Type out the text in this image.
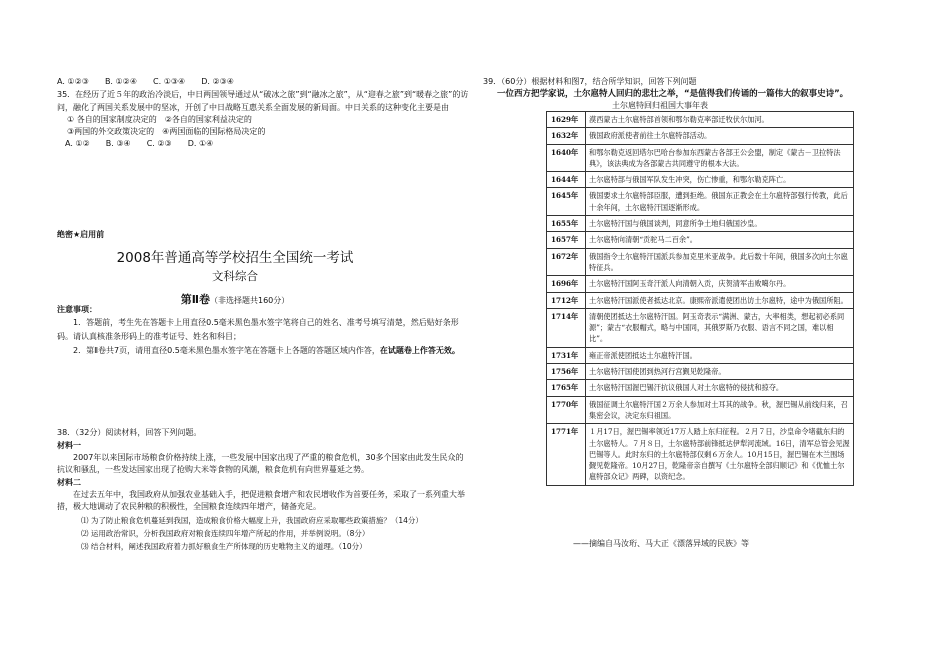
A. ①②③ B. ①②④ C. ①③④ D. ②③④
35．在经历了近５年的政治冷淡后，中日两国领导通过从“破冰之旅”到“融冰之旅”，从“迎春之旅”到“暖春之旅”的访问，融化了两国关系发展中的坚冰，开创了中日战略互惠关系全面发展的新局面。中日关系的这种变化主要是由
① 各自的国家制度决定的　②各自的国家利益决定的
③两国的外交政策决定的　④两国面临的国际格局决定的
A. ①② B. ③④ C. ②③ D. ①④
绝密★启用前
2008年普通高等学校招生全国统一考试
文科综合
第Ⅱ卷（非选择题共160分）
注意事项：

1．答题前，考生先在答题卡上用直径0.5毫米黑色墨水签字笔将自己的姓名、准考号填写清楚，然后贴好条形码。请认真核准条形码上的准考证号、姓名和科目；

2．第Ⅱ卷共7页，请用直径0.5毫米黑色墨水签字笔在答题卡上各题的答题区域内作答，在试题卷上作答无效。

38．（32分）阅读材料，回答下列问题。
材料一
2007年以来国际市场粮食价格持续上涨，一些发展中国家出现了严重的粮食危机，30多个国家由此发生民众的抗议和骚乱，一些发达国家出现了抢购大米等食物的风潮，粮食危机有向世界蔓延之势。
材料二
在过去五年中，我国政府从加强农业基础入手，把促进粮食增产和农民增收作为首要任务，采取了一系列重大举措，极大地调动了农民种粮的积极性，全国粮食连续四年增产，储备充足。
⑴ 为了防止粮食危机蔓延到我国，造成粮食价格大幅度上升，我国政府应采取哪些政策措施？（14分）
⑵ 运用政治常识，分析我国政府对粮食连续四年增产所起的作用，并举例说明。（8分）
⑶ 结合材料，阐述我国政府着力抓好粮食生产所体现的历史唯物主义的道理。（10分）
39．（60分）根据材料和图7，结合所学知识，回答下列问题
一位西方把学家说，土尔扈特人回归的悲壮之举，“是值得我们传诵的一篇伟大的叙事史诗”。
土尔扈特回归祖国大事年表
1629年	漠西蒙古土尔扈特部首领和鄂尔勒克率部迁牧伏尔加河。
1632年	俄国政府派使者前往土尔扈特部活动。
1640年	和鄂尔勒克返回塔尔巴哈台参加东西蒙古各部王公会盟，制定《蒙古－卫拉特法典》，该法典成为各部蒙古共同遵守的根本大法。
1644年	土尔扈特部与俄国军队发生冲突，伤亡惨重，和鄂尔勒克阵亡。
1645年	俄国要求土尔扈特部臣服，遭到拒绝。俄国东正教会在土尔扈特部强行传教，此后十余年间，土尔扈特汗国逐渐形成。
1655年	土尔扈特汗国与俄国谈判，同意所争土地归俄国沙皇。
1657年	土尔扈特向清朝“贡驼马二百余”。
1672年	俄国指令土尔扈特汗国派兵参加克里米亚战争。此后数十年间，俄国多次向土尔扈特征兵。
1696年	土尔扈特汗国阿玉奇汗派人向清朝入贡，庆贺清军击败噶尔丹。
1712年	土尔扈特汗国派使者抵达北京。康熙帝派遣使团出访土尔扈特，途中为俄国所阻。
1714年	清朝使团抵达土尔扈特汗国。阿玉奇表示“满洲、蒙古，大率相类，想起初必系同源”；蒙古“衣服帽式，略与中国同，其俄罗斯乃衣服、语言不同之国，难以相比”。
1731年	雍正帝派使团抵达土尔扈特汗国。
1756年	土尔扈特汗国使团到热河行宫觐见乾隆帝。
1765年	土尔扈特汗国渥巴锡汗抗议俄国人对土尔扈特的侵扰和掠夺。
1770年	俄国征调土尔扈特汗国２万余人参加对土耳其的战争。秋，渥巴锡从前线归来，召集密会议，决定东归祖国。
1771年	１月17日，渥巴锡率领近17万人踏上东归征程。２月７日，沙皇命令堵截东归的土尔扈特人。７月８日，土尔扈特部前锋抵达伊犁河流域。16日，清军总管会见渥巴锡等人。此时东归的土尔扈特部仅剩６万余人。10月15日，渥巴锡在木兰围场觐见乾隆帝。10月27日，乾隆帝亲自撰写《土尔扈特全部归顺记》和《优恤土尔扈特部众记》两碑，以资纪念。
——摘编自马汝珩、马大正《漂落异域的民族》等
